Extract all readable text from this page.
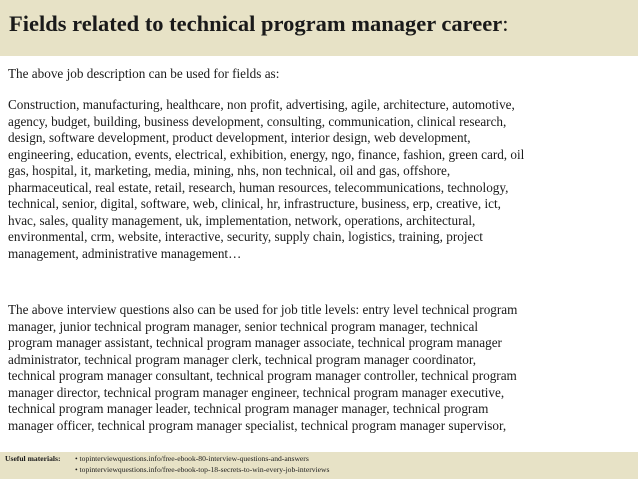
Fields related to technical program manager career:
The above job description can be used for fields as:
Construction, manufacturing, healthcare, non profit, advertising, agile, architecture, automotive,
agency, budget, building, business development, consulting, communication, clinical research,
design, software development, product development, interior design, web development,
engineering, education, events, electrical, exhibition, energy, ngo, finance, fashion, green card, oil
gas, hospital, it, marketing, media, mining, nhs, non technical, oil and gas, offshore,
pharmaceutical, real estate, retail, research, human resources, telecommunications, technology,
technical, senior, digital, software, web, clinical, hr, infrastructure, business, erp, creative, ict,
hvac, sales, quality management, uk, implementation, network, operations, architectural,
environmental, crm, website, interactive, security, supply chain, logistics, training, project
management, administrative management…
The above interview questions also can be used for job title levels: entry level technical program
manager, junior technical program manager, senior technical program manager, technical
program manager assistant, technical program manager associate, technical program manager
administrator, technical program manager clerk, technical program manager coordinator,
technical program manager consultant, technical program manager controller, technical program
manager director, technical program manager engineer, technical program manager executive,
technical program manager leader, technical program manager manager, technical program
manager officer, technical program manager specialist, technical program manager supervisor,
Useful materials: • topinterviewquestions.info/free-ebook-80-interview-questions-and-answers
• topinterviewquestions.info/free-ebook-top-18-secrets-to-win-every-job-interviews
